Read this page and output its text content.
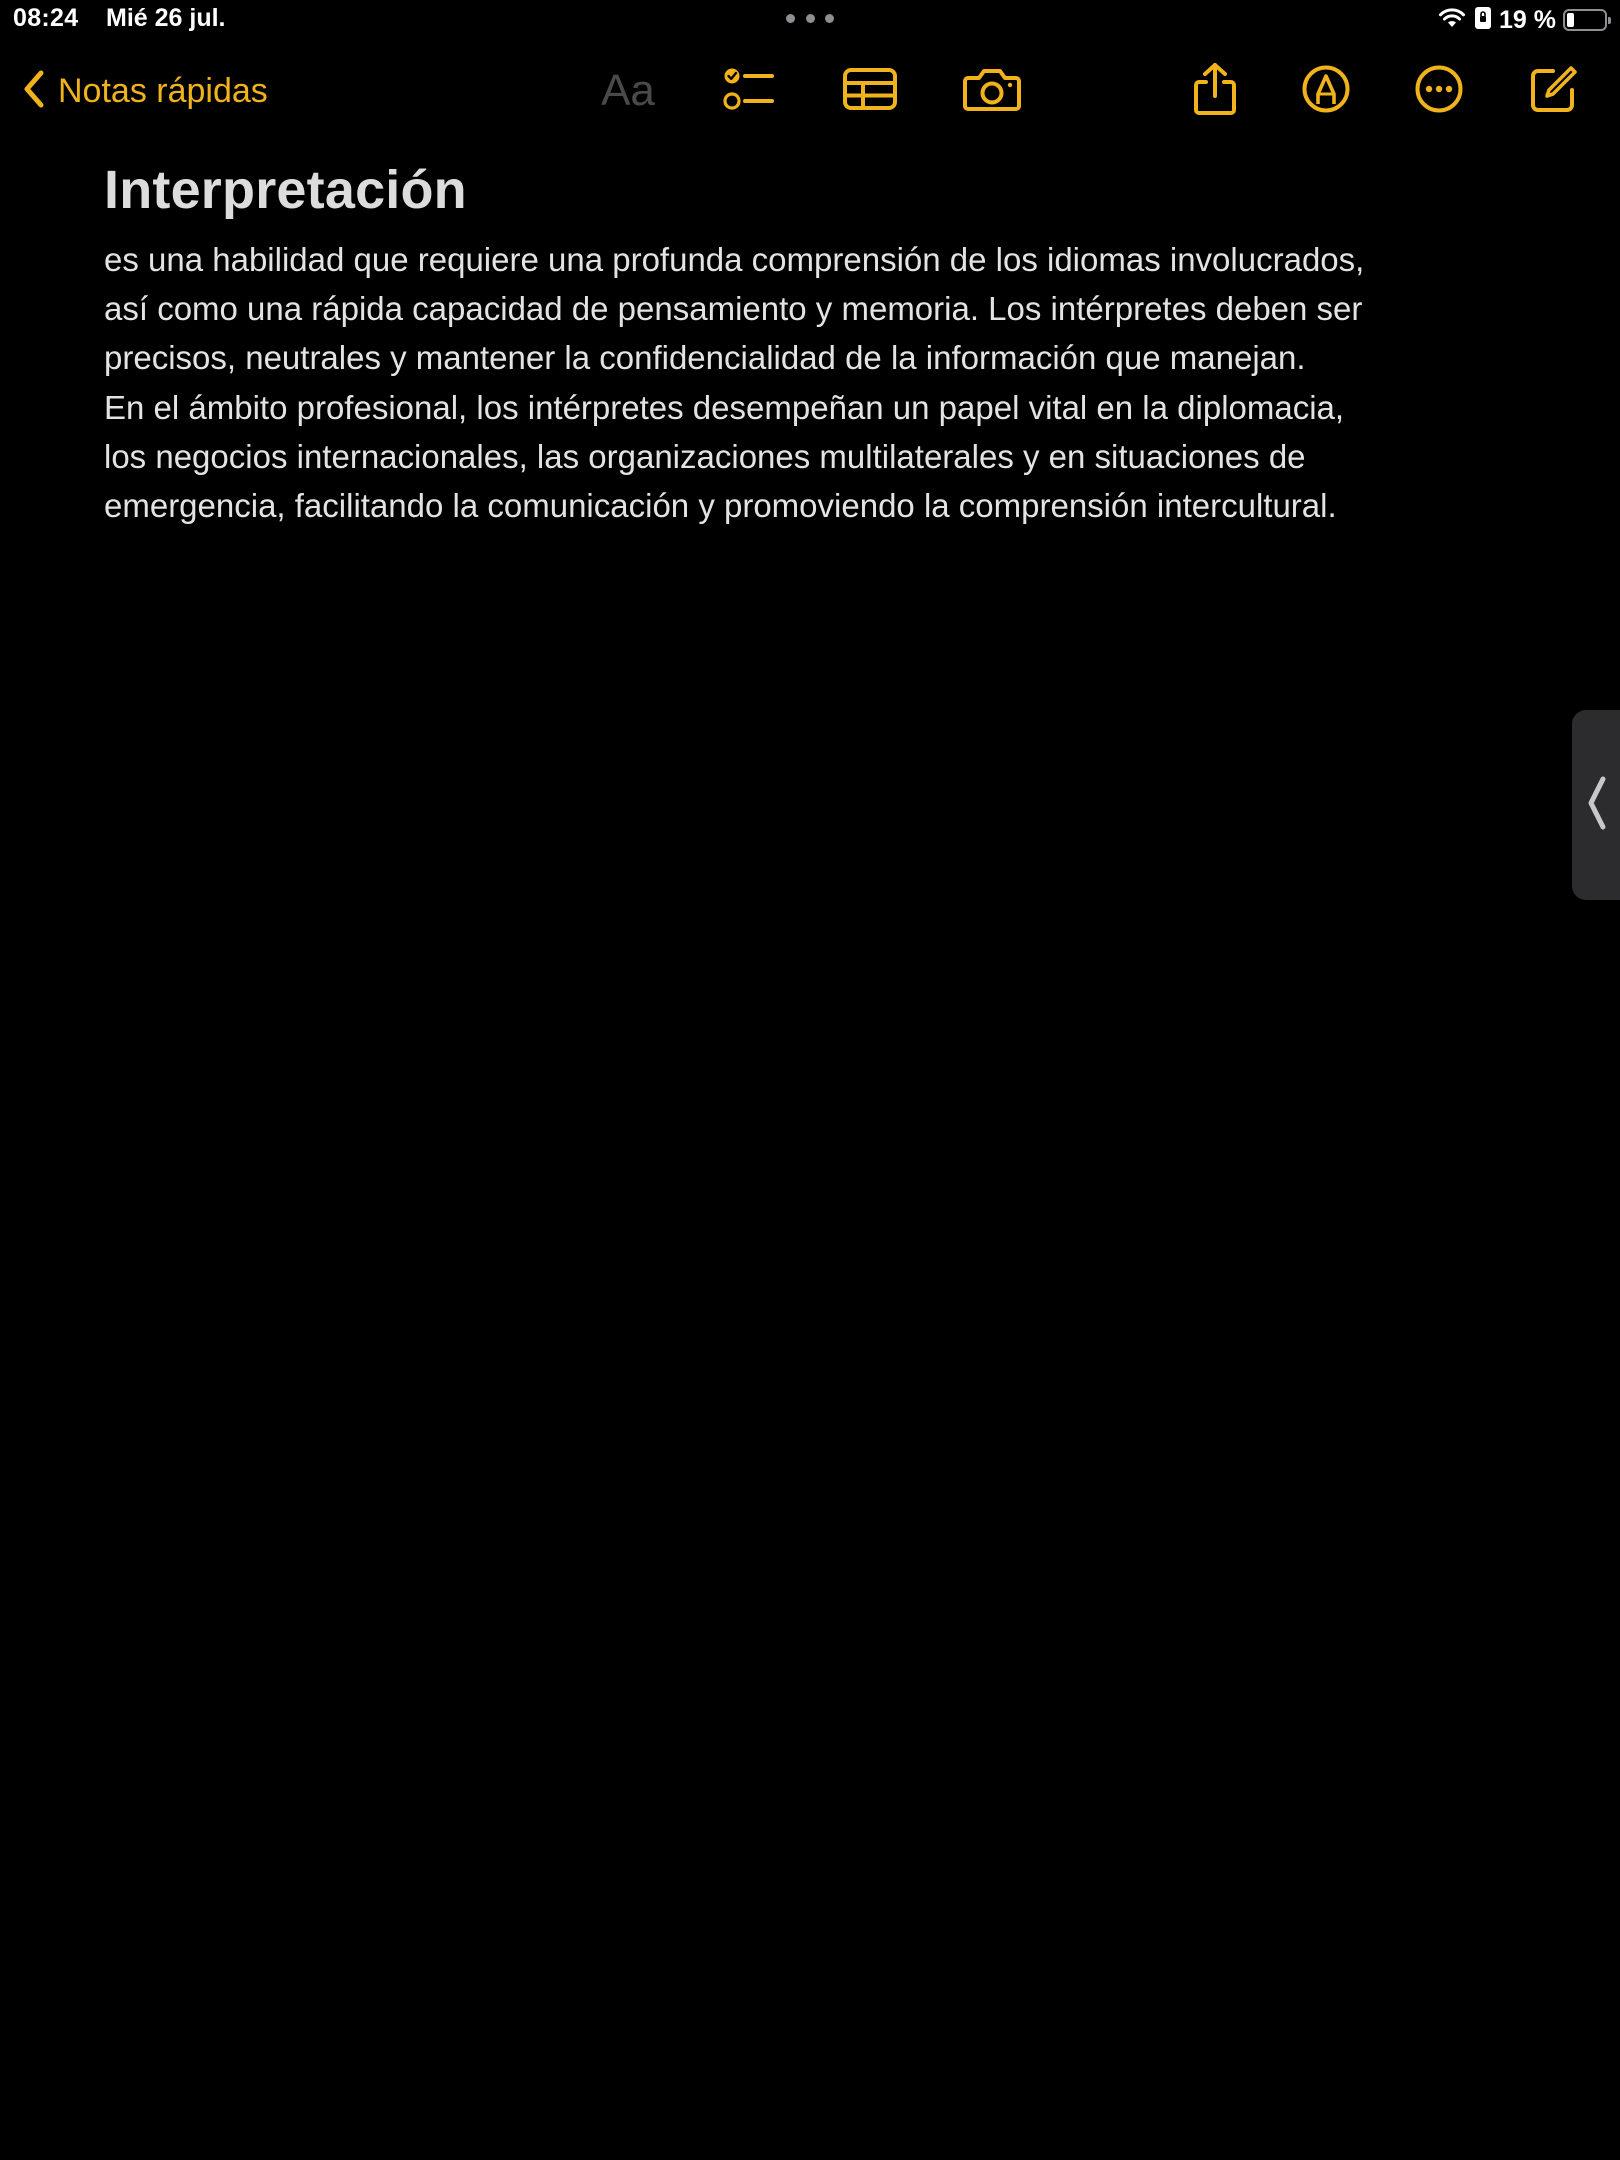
08:24 Mié 26 jul.	19 %
Notas rápidas	Aa
Interpretación
es una habilidad que requiere una profunda comprensión de los idiomas involucrados,
así como una rápida capacidad de pensamiento y memoria. Los intérpretes deben ser
precisos, neutrales y mantener la confidencialidad de la información que manejan.
En el ámbito profesional, los intérpretes desempeñan un papel vital en la diplomacia,
los negocios internacionales, las organizaciones multilaterales y en situaciones de
emergencia, facilitando la comunicación y promoviendo la comprensión intercultural.
